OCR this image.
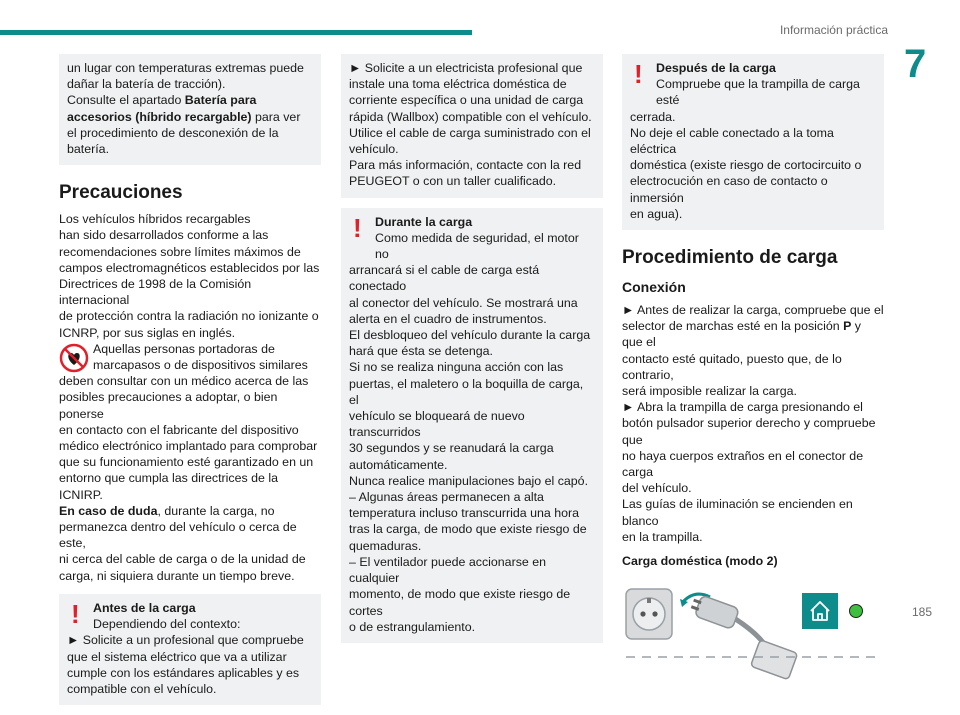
Información práctica
7
185

un lugar con temperaturas extremas puede
dañar la batería de tracción).
Consulte el apartado Batería para accesorios (híbrido recargable) para ver el procedimiento de desconexión de la batería.

Precauciones

Los vehículos híbridos recargables
han sido desarrollados conforme a las
recomendaciones sobre límites máximos de
campos electromagnéticos establecidos por las
Directrices de 1998 de la Comisión internacional
de protección contra la radiación no ionizante o
ICNRP, por sus siglas en inglés.

Aquellas personas portadoras de
marcapasos o de dispositivos similares

deben consultar con un médico acerca de las
posibles precauciones a adoptar, o bien ponerse
en contacto con el fabricante del dispositivo
médico electrónico implantado para comprobar
que su funcionamiento esté garantizado en un
entorno que cumpla las directrices de la ICNIRP.

En caso de duda, durante la carga, no
permanezca dentro del vehículo o cerca de este,
ni cerca del cable de carga o de la unidad de
carga, ni siquiera durante un tiempo breve.

! Antes de la carga
Dependiendo del contexto:

► Solicite a un profesional que compruebe
que el sistema eléctrico que va a utilizar
cumple con los estándares aplicables y es
compatible con el vehículo.

► Solicite a un electricista profesional que
instale una toma eléctrica doméstica de
corriente específica o una unidad de carga
rápida (Wallbox) compatible con el vehículo.
Utilice el cable de carga suministrado con el
vehículo.
Para más información, contacte con la red
PEUGEOT o con un taller cualificado.

! Durante la carga
Como medida de seguridad, el motor no

arrancará si el cable de carga está conectado
al conector del vehículo. Se mostrará una
alerta en el cuadro de instrumentos.
El desbloqueo del vehículo durante la carga
hará que ésta se detenga.
Si no se realiza ninguna acción con las
puertas, el maletero o la boquilla de carga, el
vehículo se bloqueará de nuevo transcurridos
30 segundos y se reanudará la carga
automáticamente.
Nunca realice manipulaciones bajo el capó.
– Algunas áreas permanecen a alta
temperatura incluso transcurrida una hora
tras la carga, de modo que existe riesgo de
quemaduras.
– El ventilador puede accionarse en cualquier
momento, de modo que existe riesgo de cortes
o de estrangulamiento.

! Después de la carga
Compruebe que la trampilla de carga esté

cerrada.
No deje el cable conectado a la toma eléctrica
doméstica (existe riesgo de cortocircuito o
electrocución en caso de contacto o inmersión
en agua).

Procedimiento de carga
Conexión

► Antes de realizar la carga, compruebe que el
selector de marchas esté en la posición P y que el
contacto esté quitado, puesto que, de lo contrario,
será imposible realizar la carga.

► Abra la trampilla de carga presionando el
botón pulsador superior derecho y compruebe que
no haya cuerpos extraños en el conector de carga
del vehículo.
Las guías de iluminación se encienden en blanco
en la trampilla.

Carga doméstica (modo 2)
